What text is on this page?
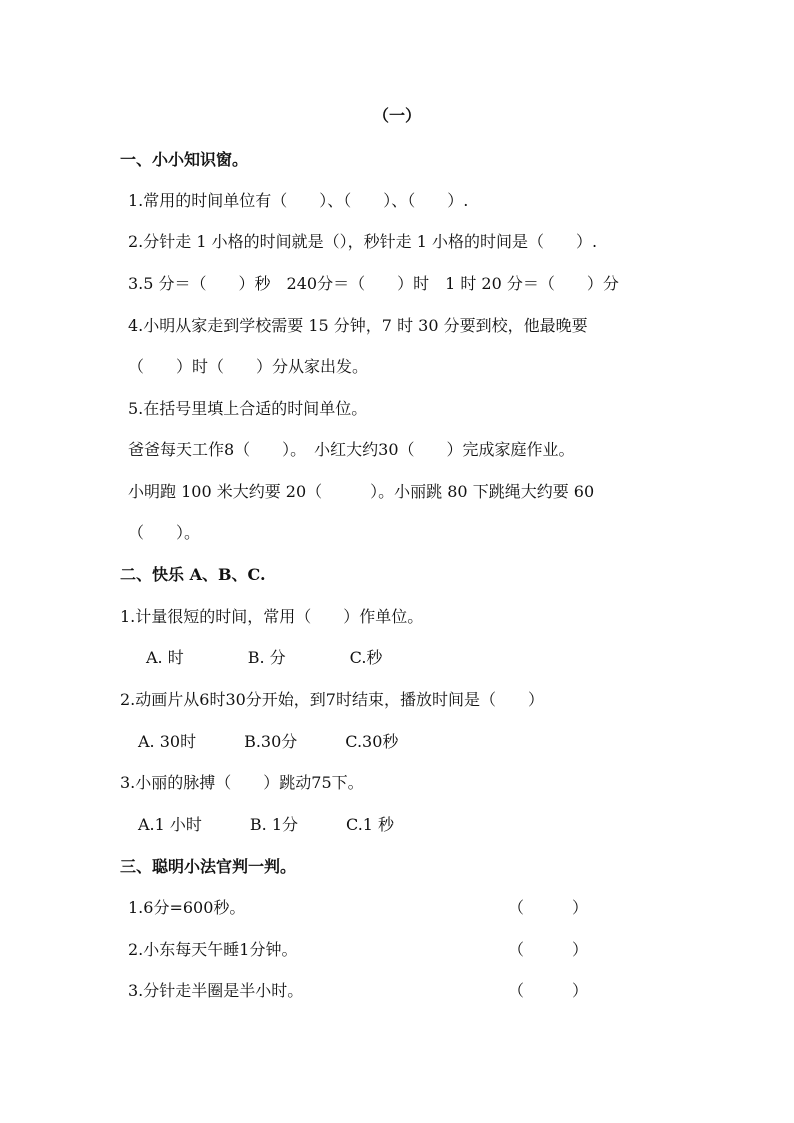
（一）
一、小小知识窗。
1.常用的时间单位有（　　）、（　　）、（　　）.
2.分针走 1 小格的时间就是（），秒针走 1 小格的时间是（　　）.
3.5 分＝（　　）秒　240分＝（　　）时　1 时 20 分＝（　　）分
4.小明从家走到学校需要 15 分钟，7 时 30 分要到校，他最晚要
（　　）时（　　）分从家出发。
5.在括号里填上合适的时间单位。
爸爸每天工作8（　　）。　小红大约30（　　）完成家庭作业。
小明跑 100 米大约要 20（　　　）。小丽跳 80 下跳绳大约要 60
（　　）。
二、快乐 A、B、C.
1.计量很短的时间，常用（　　）作单位。
A. 时　　　　B. 分　　　　C.秒
2.动画片从6时30分开始，到7时结束，播放时间是（　　）
A. 30时　　　B.30分　　　C.30秒
3.小丽的脉搏（　　）跳动75下。
A.1 小时　　　B. 1分　　　C.1 秒
三、聪明小法官判一判。
1.6分=600秒。	（　　　）
2.小东每天午睡1分钟。	（　　　）
3.分针走半圈是半小时。	（　　　）
